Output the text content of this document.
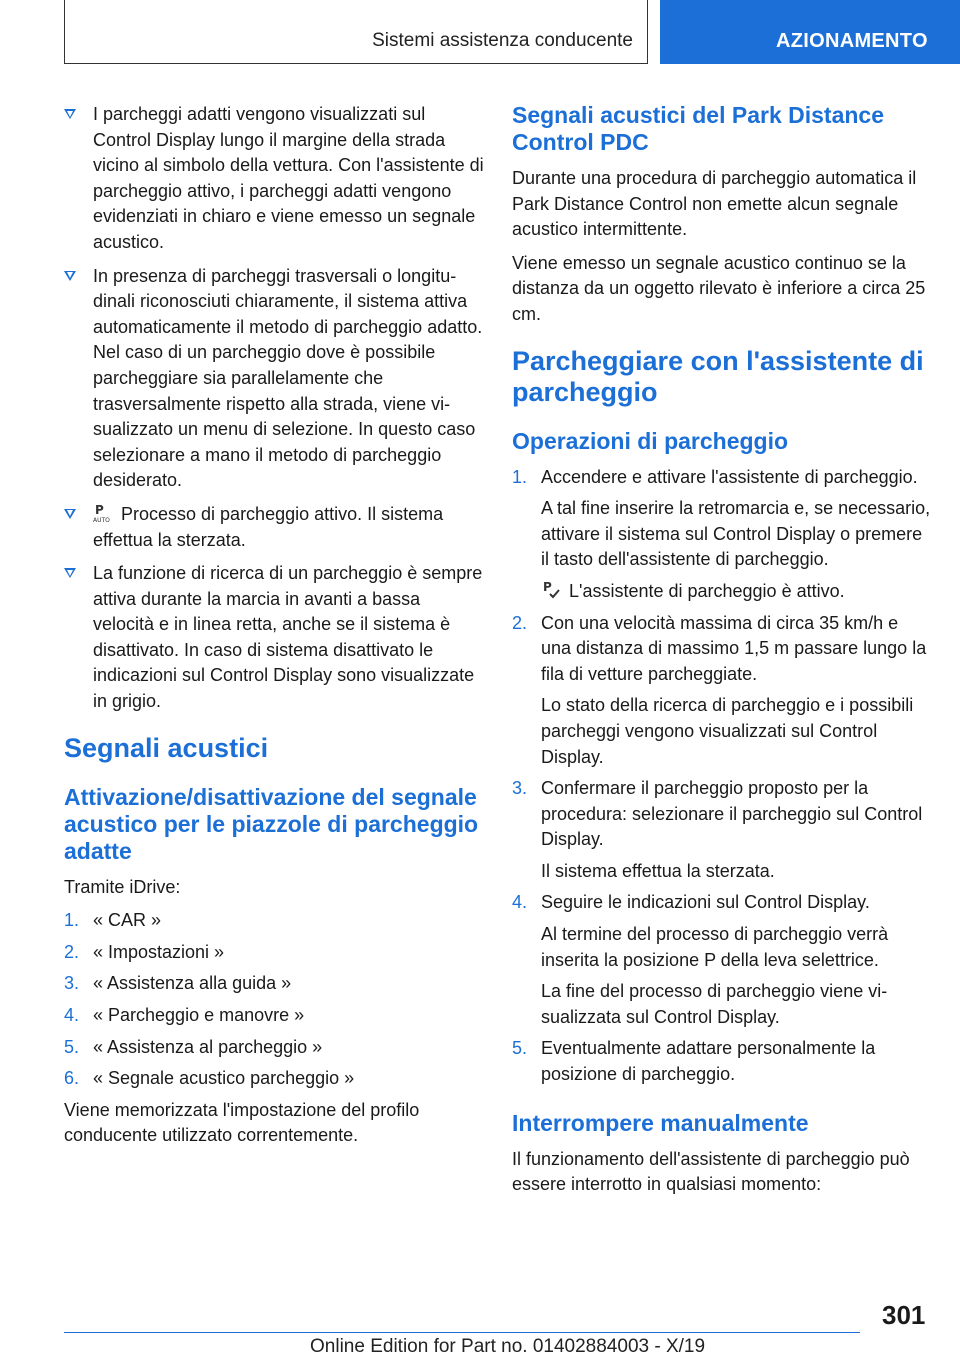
Sistemi assistenza conducente	AZIONAMENTO
I parcheggi adatti vengono visualizzati sul Control Display lungo il margine della strada vicino al simbolo della vettura. Con l'assistente di parcheggio attivo, i parcheggi adatti vengono evidenziati in chiaro e viene emesso un segnale acustico.
In presenza di parcheggi trasversali o longitudinali riconosciuti chiaramente, il sistema attiva automaticamente il metodo di parcheggio adatto. Nel caso di un parcheggio dove è possibile parcheggiare sia parallelamente che trasversalmente rispetto alla strada, viene visualizzato un menu di selezione. In questo caso selezionare a mano il metodo di parcheggio desiderato.
P
AUTO Processo di parcheggio attivo. Il sistema effettua la sterzata.
La funzione di ricerca di un parcheggio è sempre attiva durante la marcia in avanti a bassa velocità e in linea retta, anche se il sistema è disattivato. In caso di sistema disattivato le indicazioni sul Control Display sono visualizzate in grigio.
Segnali acustici
Attivazione/disattivazione del segnale acustico per le piazzole di parcheggio adatte

Tramite iDrive:

1. « CAR »
2. « Impostazioni »
3. « Assistenza alla guida »
4. « Parcheggio e manovre »
5. « Assistenza al parcheggio »
6. « Segnale acustico parcheggio »

Viene memorizzata l'impostazione del profilo conducente utilizzato correntemente.

Segnali acustici del Park Distance Control PDC

Durante una procedura di parcheggio automatica il Park Distance Control non emette alcun segnale acustico intermittente.

Viene emesso un segnale acustico continuo se la distanza da un oggetto rilevato è inferiore a circa 25 cm.

Parcheggiare con l'assistente di parcheggio
Operazioni di parcheggio
1. Accendere e attivare l'assistente di parcheggio.
A tal fine inserire la retromarcia e, se necessario, attivare il sistema sul Control Display o premere il tasto dell'assistente di parcheggio.
P L'assistente di parcheggio è attivo.
2. Con una velocità massima di circa 35 km/h e una distanza di massimo 1,5 m passare lungo la fila di vetture parcheggiate.
Lo stato della ricerca di parcheggio e i possibili parcheggi vengono visualizzati sul Control Display.
3. Confermare il parcheggio proposto per la procedura: selezionare il parcheggio sul Control Display.
Il sistema effettua la sterzata.
4. Seguire le indicazioni sul Control Display.
Al termine del processo di parcheggio verrà inserita la posizione P della leva selettrice.
La fine del processo di parcheggio viene visualizzata sul Control Display.
5. Eventualmente adattare personalmente la posizione di parcheggio.
Interrompere manualmente

Il funzionamento dell'assistente di parcheggio può essere interrotto in qualsiasi momento:

301
Online Edition for Part no. 01402884003 - X/19
